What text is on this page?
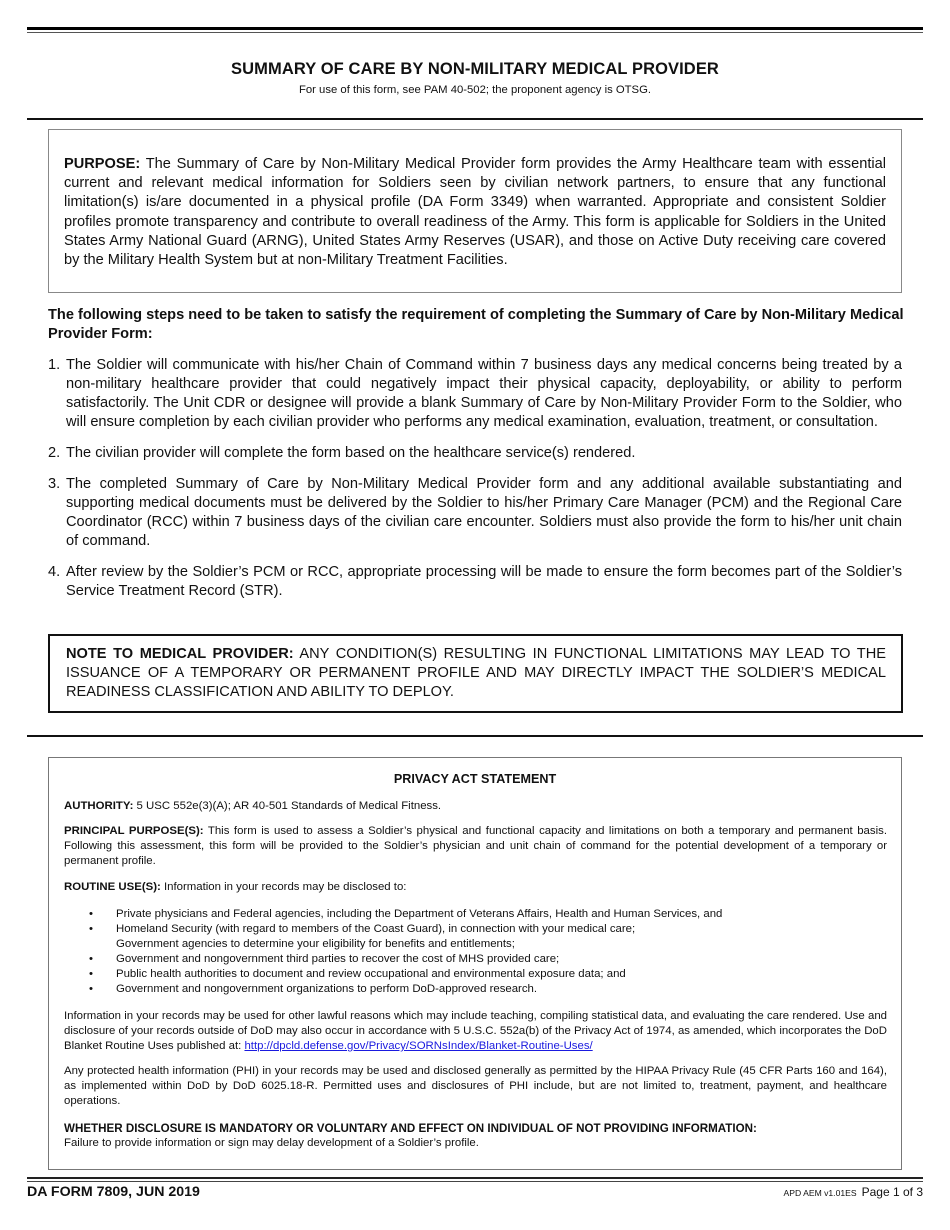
SUMMARY OF CARE BY NON-MILITARY MEDICAL PROVIDER
For use of this form, see PAM 40-502; the proponent agency is OTSG.
PURPOSE: The Summary of Care by Non-Military Medical Provider form provides the Army Healthcare team with essential current and relevant medical information for Soldiers seen by civilian network partners, to ensure that any functional limitation(s) is/are documented in a physical profile (DA Form 3349) when warranted. Appropriate and consistent Soldier profiles promote transparency and contribute to overall readiness of the Army. This form is applicable for Soldiers in the United States Army National Guard (ARNG), United States Army Reserves (USAR), and those on Active Duty receiving care covered by the Military Health System but at non-Military Treatment Facilities.
The following steps need to be taken to satisfy the requirement of completing the Summary of Care by Non-Military Medical Provider Form:
1. The Soldier will communicate with his/her Chain of Command within 7 business days any medical concerns being treated by a non-military healthcare provider that could negatively impact their physical capacity, deployability, or ability to perform satisfactorily. The Unit CDR or designee will provide a blank Summary of Care by Non-Military Provider Form to the Soldier, who will ensure completion by each civilian provider who performs any medical examination, evaluation, treatment, or consultation.
2. The civilian provider will complete the form based on the healthcare service(s) rendered.
3. The completed Summary of Care by Non-Military Medical Provider form and any additional available substantiating and supporting medical documents must be delivered by the Soldier to his/her Primary Care Manager (PCM) and the Regional Care Coordinator (RCC) within 7 business days of the civilian care encounter. Soldiers must also provide the form to his/her unit chain of command.
4. After review by the Soldier’s PCM or RCC, appropriate processing will be made to ensure the form becomes part of the Soldier’s Service Treatment Record (STR).
NOTE TO MEDICAL PROVIDER: ANY CONDITION(S) RESULTING IN FUNCTIONAL LIMITATIONS MAY LEAD TO THE ISSUANCE OF A TEMPORARY OR PERMANENT PROFILE AND MAY DIRECTLY IMPACT THE SOLDIER’S MEDICAL READINESS CLASSIFICATION AND ABILITY TO DEPLOY.
PRIVACY ACT STATEMENT
AUTHORITY: 5 USC 552e(3)(A); AR 40-501 Standards of Medical Fitness.
PRINCIPAL PURPOSE(S): This form is used to assess a Soldier’s physical and functional capacity and limitations on both a temporary and permanent basis. Following this assessment, this form will be provided to the Soldier’s physician and unit chain of command for the potential development of a temporary or permanent profile.
ROUTINE USE(S): Information in your records may be disclosed to:
• Private physicians and Federal agencies, including the Department of Veterans Affairs, Health and Human Services, and
• Homeland Security (with regard to members of the Coast Guard), in connection with your medical care;
Government agencies to determine your eligibility for benefits and entitlements;
• Government and nongovernment third parties to recover the cost of MHS provided care;
• Public health authorities to document and review occupational and environmental exposure data; and
• Government and nongovernment organizations to perform DoD-approved research.
Information in your records may be used for other lawful reasons which may include teaching, compiling statistical data, and evaluating the care rendered. Use and disclosure of your records outside of DoD may also occur in accordance with 5 U.S.C. 552a(b) of the Privacy Act of 1974, as amended, which incorporates the DoD Blanket Routine Uses published at: http://dpcld.defense.gov/Privacy/SORNsIndex/Blanket-Routine-Uses/
Any protected health information (PHI) in your records may be used and disclosed generally as permitted by the HIPAA Privacy Rule (45 CFR Parts 160 and 164), as implemented within DoD by DoD 6025.18-R. Permitted uses and disclosures of PHI include, but are not limited to, treatment, payment, and healthcare operations.
WHETHER DISCLOSURE IS MANDATORY OR VOLUNTARY AND EFFECT ON INDIVIDUAL OF NOT PROVIDING INFORMATION:
Failure to provide information or sign may delay development of a Soldier’s profile.
DA FORM 7809, JUN 2019	APD AEM v1.01ES Page 1 of 3
